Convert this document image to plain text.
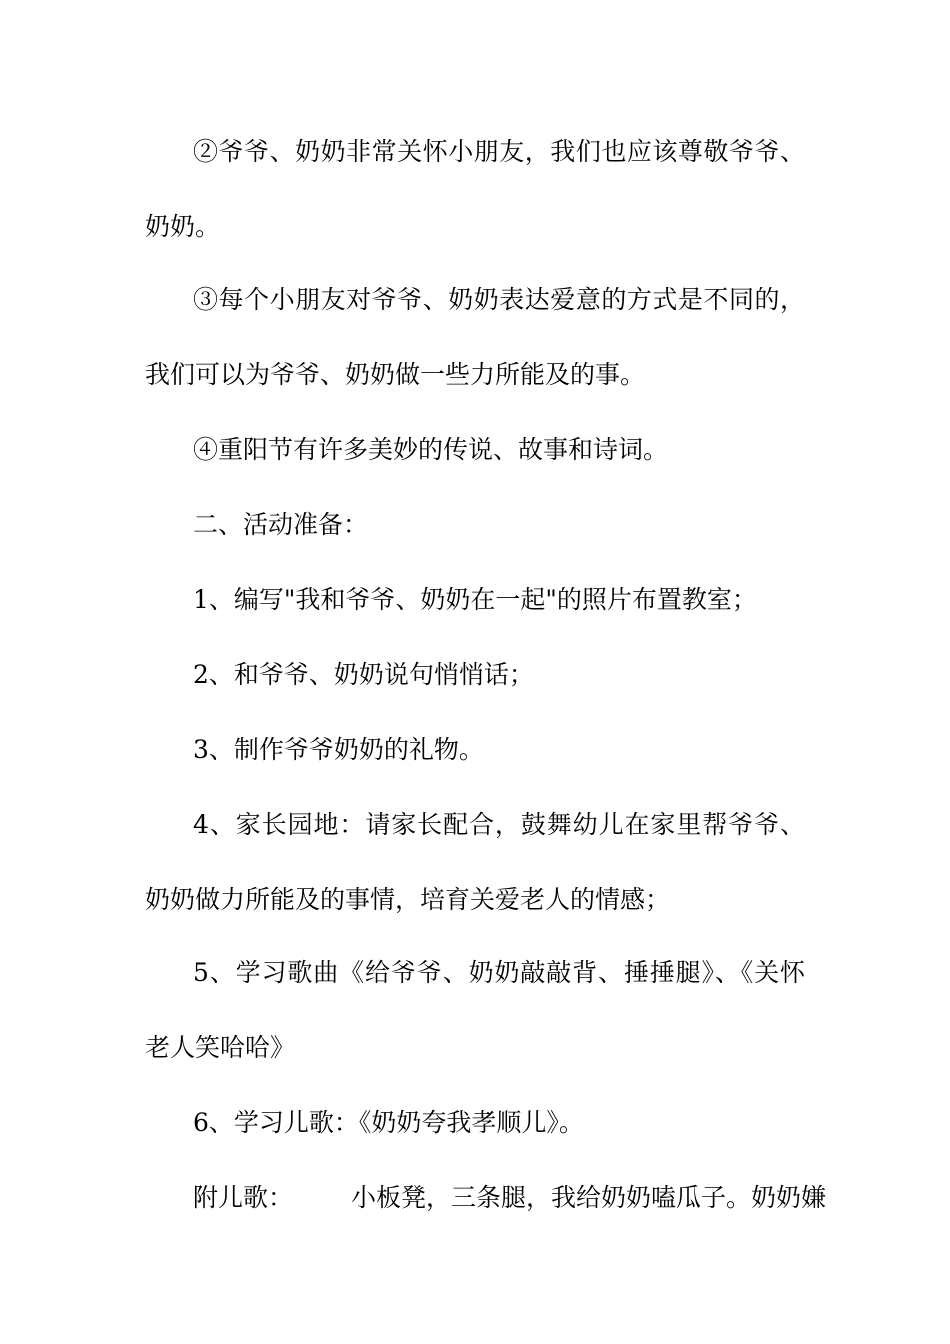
②爷爷、奶奶非常关怀小朋友，我们也应该尊敬爷爷、奶奶。

③每个小朋友对爷爷、奶奶表达爱意的方式是不同的，我们可以为爷爷、奶奶做一些力所能及的事。

④重阳节有许多美妙的传说、故事和诗词。

二、活动准备：

1、编写"我和爷爷、奶奶在一起"的照片布置教室；

2、和爷爷、奶奶说句悄悄话；

3、制作爷爷奶奶的礼物。

4、家长园地：请家长配合，鼓舞幼儿在家里帮爷爷、奶奶做力所能及的事情，培育关爱老人的情感；

5、学习歌曲《给爷爷、奶奶敲敲背、捶捶腿》、《关怀老人笑哈哈》

6、学习儿歌：《奶奶夸我孝顺儿》。

附儿歌： 小板凳，三条腿，我给奶奶嗑瓜子。奶奶嫌
